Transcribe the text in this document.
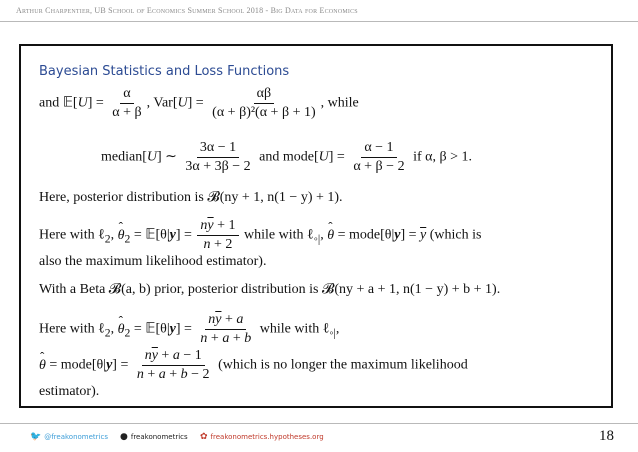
Arthur Charpentier, UB School of Economics Summer School 2018 - Big Data for Economics
Bayesian Statistics and Loss Functions
and 𝔼[U] = $\frac{\alpha}{\alpha + \beta}$ , $Var[U] = \frac{\alpha\beta}{\text{(α + β)²(α + β + 1)}}$ , while
median[U] ∼ $\frac{3\alpha - 1}{3\alpha + 3\beta - 2}$ and mode[U] = $\frac{\alpha - 1}{\alpha + \beta - 2}$ if α, β > 1.
Here, posterior distribution is 𝓑(ny + 1, n(1 − y) + 1).
Here with ℓ$_2$, ˆ $\theta_2$ = 𝔼[θ|y] = $\frac{n\overline{y} + 1}{n + 2}$ while with ℓ$_{◦|}$, ˆ θ = mode[θ|y] = $\overline{y}$ (which is
also the maximum likelihood estimator).
With a Beta 𝓑(a, b) prior, posterior distribution is 𝓑(ny + a + 1, n(1 − y) + b + 1).
Here with ℓ$_2$, ˆ $\theta_2$ = 𝔼[θ|y] = $\frac{n\overline{y} + a}{n + a + b}$ while with ℓ$_{◦|}$,
ˆ θ = mode[θ|y] = $\frac{n\overline{y} + a - 1}{n + a + b - 2}$ (which is no longer the maximum likelihood
estimator).
🐦 @freakonometrics ● freakonometrics ✿ freakonometrics.hypotheses.org	18
